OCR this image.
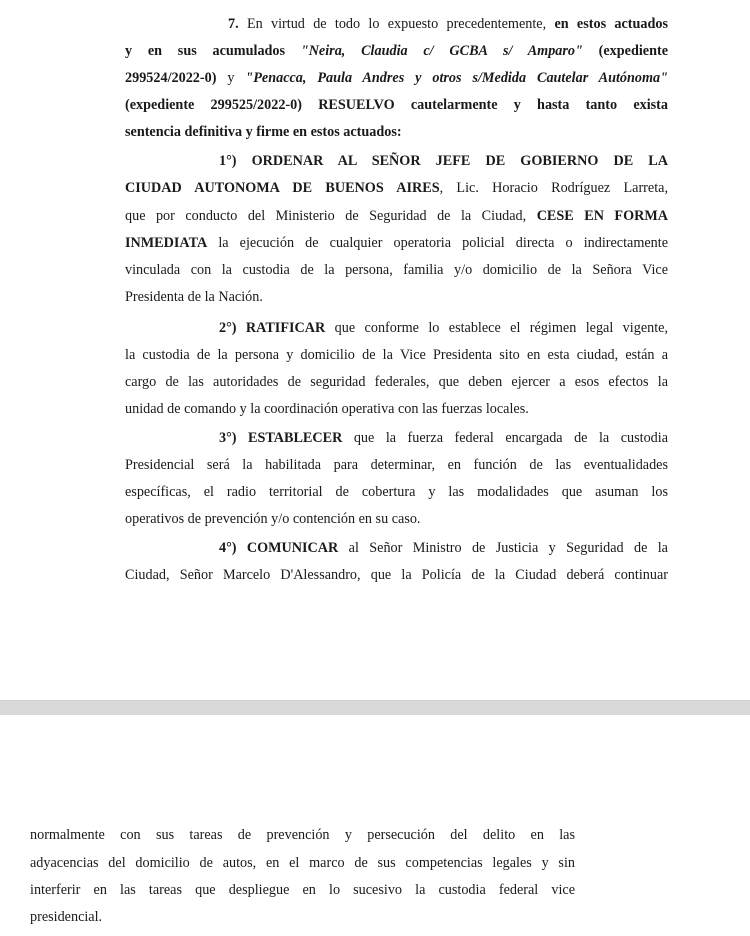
7. En virtud de todo lo expuesto precedentemente, en estos actuados
y en sus acumulados "Neira, Claudia c/ GCBA s/ Amparo" (expediente
299524/2022-0) y "Penacca, Paula Andres y otros s/Medida Cautelar Autónoma"
(expediente 299525/2022-0) RESUELVO cautelarmente y hasta tanto exista
sentencia definitiva y firme en estos actuados:
1°) ORDENAR AL SEÑOR JEFE DE GOBIERNO DE LA
CIUDAD AUTONOMA DE BUENOS AIRES, Lic. Horacio Rodríguez Larreta,
que por conducto del Ministerio de Seguridad de la Ciudad, CESE EN FORMA
INMEDIATA la ejecución de cualquier operatoria policial directa o indirectamente
vinculada con la custodia de la persona, familia y/o domicilio de la Señora Vice
Presidenta de la Nación.
2°) RATIFICAR que conforme lo establece el régimen legal vigente,
la custodia de la persona y domicilio de la Vice Presidenta sito en esta ciudad, están a
cargo de las autoridades de seguridad federales, que deben ejercer a esos efectos la
unidad de comando y la coordinación operativa con las fuerzas locales.
3°) ESTABLECER que la fuerza federal encargada de la custodia
Presidencial será la habilitada para determinar, en función de las eventualidades
específicas, el radio territorial de cobertura y las modalidades que asuman los
operativos de prevención y/o contención en su caso.
4°) COMUNICAR al Señor Ministro de Justicia y Seguridad de la
Ciudad, Señor Marcelo D'Alessandro, que la Policía de la Ciudad deberá continuar
normalmente con sus tareas de prevención y persecución del delito en las
adyacencias del domicilio de autos, en el marco de sus competencias legales y sin
interferir en las tareas que despliegue en lo sucesivo la custodia federal vice
presidencial.
